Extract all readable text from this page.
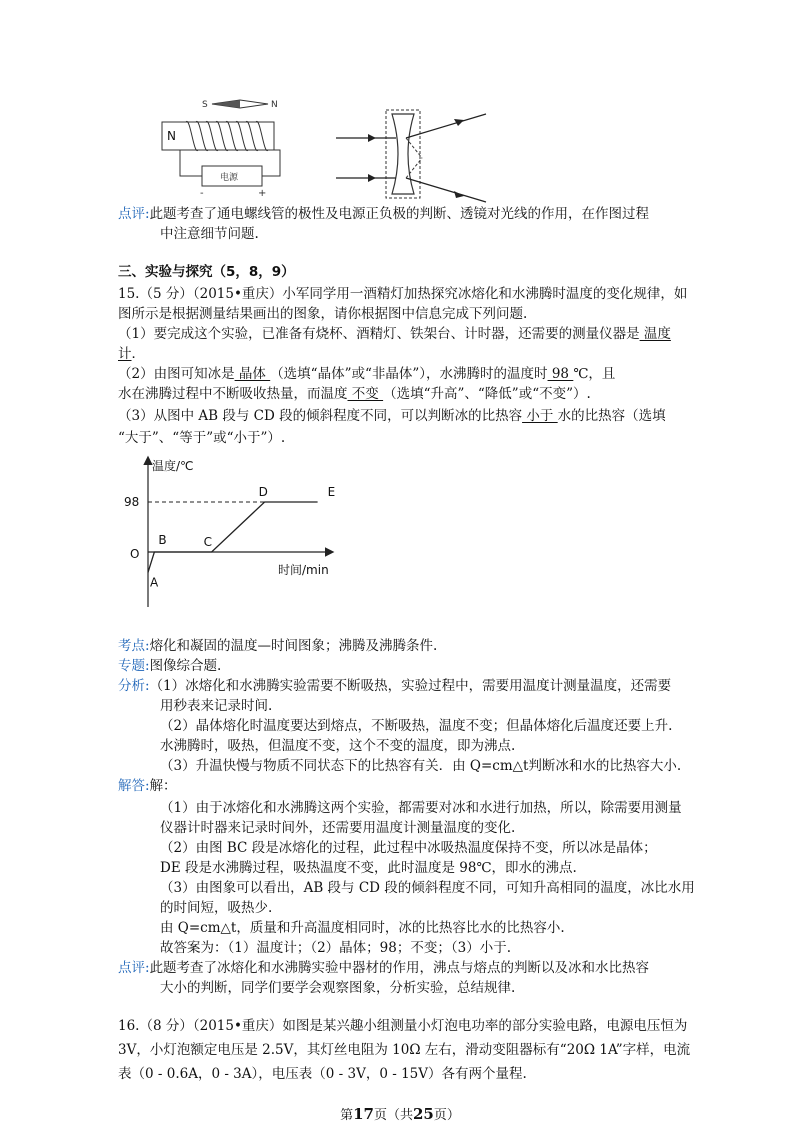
S	N
N
电源
-	+
点评:此题考查了通电螺线管的极性及电源正负极的判断、透镜对光线的作用，在作图过程
中注意细节问题.
三、实验与探究（5，8，9）
15.（5 分）（2015•重庆）小军同学用一酒精灯加热探究冰熔化和水沸腾时温度的变化规律，如
图所示是根据测量结果画出的图象，请你根据图中信息完成下列问题.
（1）要完成这个实验，已准备有烧杯、酒精灯、铁架台、计时器，还需要的测量仪器是 温度
计．
（2）由图可知冰是 晶体 （选填“晶体”或“非晶体”），水沸腾时的温度时 98 ℃，且
水在沸腾过程中不断吸收热量，而温度 不变 （选填“升高”、“降低”或“不变”）.
（3）从图中 AB 段与 CD 段的倾斜程度不同，可以判断冰的比热容 小于 水的比热容（选填
“大于”、“等于”或“小于”）.
温度/℃
时间/min
98
O
A
B	C
D	E
考点:熔化和凝固的温度—时间图象；沸腾及沸腾条件.
专题:图像综合题.
分析:（1）冰熔化和水沸腾实验需要不断吸热，实验过程中，需要用温度计测量温度，还需要
用秒表来记录时间.
（2）晶体熔化时温度要达到熔点，不断吸热，温度不变；但晶体熔化后温度还要上升.
水沸腾时，吸热，但温度不变，这个不变的温度，即为沸点.
（3）升温快慢与物质不同状态下的比热容有关．由 Q=cm△t判断冰和水的比热容大小.
解答:解：
（1）由于冰熔化和水沸腾这两个实验，都需要对冰和水进行加热，所以，除需要用测量
仪器计时器来记录时间外，还需要用温度计测量温度的变化.
（2）由图 BC 段是冰熔化的过程，此过程中冰吸热温度保持不变，所以冰是晶体；
DE 段是水沸腾过程，吸热温度不变，此时温度是 98℃，即水的沸点.
（3）由图象可以看出，AB 段与 CD 段的倾斜程度不同，可知升高相同的温度，冰比水用
的时间短，吸热少.
由 Q=cm△t，质量和升高温度相同时，冰的比热容比水的比热容小.
故答案为：（1）温度计；（2）晶体；98；不变；（3）小于.
点评:此题考查了冰熔化和水沸腾实验中器材的作用，沸点与熔点的判断以及冰和水比热容
大小的判断，同学们要学会观察图象，分析实验，总结规律.
16.（8 分）（2015•重庆）如图是某兴趣小组测量小灯泡电功率的部分实验电路，电源电压恒为
3V，小灯泡额定电压是 2.5V，其灯丝电阻为 10Ω 左右，滑动变阻器标有“20Ω 1A”字样，电流
表（0 - 0.6A，0 - 3A），电压表（0 - 3V，0 - 15V）各有两个量程.
第17页（共25页）
